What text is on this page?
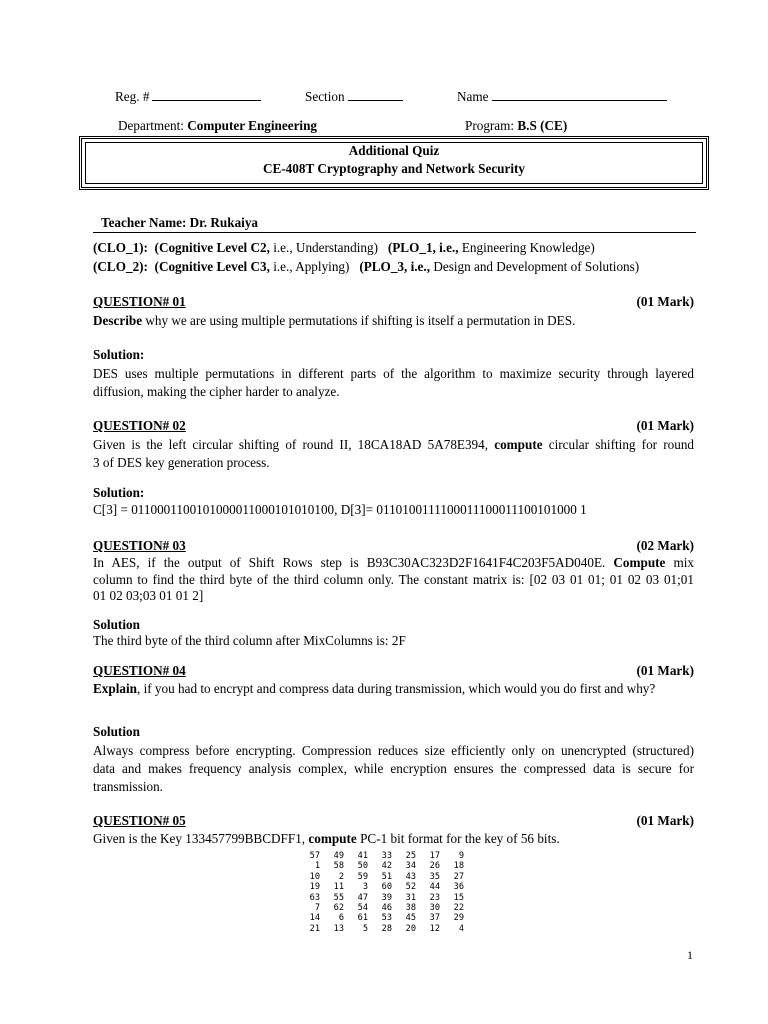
Reg. #	Section	Name
Department: Computer Engineering	Program: B.S (CE)
Additional Quiz
CE-408T Cryptography and Network Security
Teacher Name: Dr. Rukaiya
(CLO_1): (Cognitive Level C2, i.e., Understanding) (PLO_1, i.e., Engineering Knowledge)
(CLO_2): (Cognitive Level C3, i.e., Applying) (PLO_3, i.e., Design and Development of Solutions)
QUESTION# 01	(01 Mark)
Describe why we are using multiple permutations if shifting is itself a permutation in DES.
Solution:
DES uses multiple permutations in different parts of the algorithm to maximize security through layered
diffusion, making the cipher harder to analyze.
QUESTION# 02	(01 Mark)
Given is the left circular shifting of round II, 18CA18AD 5A78E394, compute circular shifting for round
3 of DES key generation process.
Solution:
C[3] = 0110001100101000011000101010100, D[3]= 0110100111100011100011100101000 1
QUESTION# 03	(02 Mark)
In AES, if the output of Shift Rows step is B93C30AC323D2F1641F4C203F5AD040E. Compute mix
column to find the third byte of the third column only. The constant matrix is: [02 03 01 01; 01 02 03 01;01
01 02 03;03 01 01 2]
Solution
The third byte of the third column after MixColumns is: 2F
QUESTION# 04	(01 Mark)
Explain, if you had to encrypt and compress data during transmission, which would you do first and why?
Solution
Always compress before encrypting. Compression reduces size efficiently only on unencrypted (structured)
data and makes frequency analysis complex, while encryption ensures the compressed data is secure for
transmission.
QUESTION# 05	(01 Mark)
Given is the Key 133457799BBCDFF1, compute PC-1 bit format for the key of 56 bits.
57	49	41	33	25	17	9
1	58	50	42	34	26	18
10	2	59	51	43	35	27
19	11	3	60	52	44	36
63	55	47	39	31	23	15
7	62	54	46	38	30	22
14	6	61	53	45	37	29
21	13	5	28	20	12	4
1
